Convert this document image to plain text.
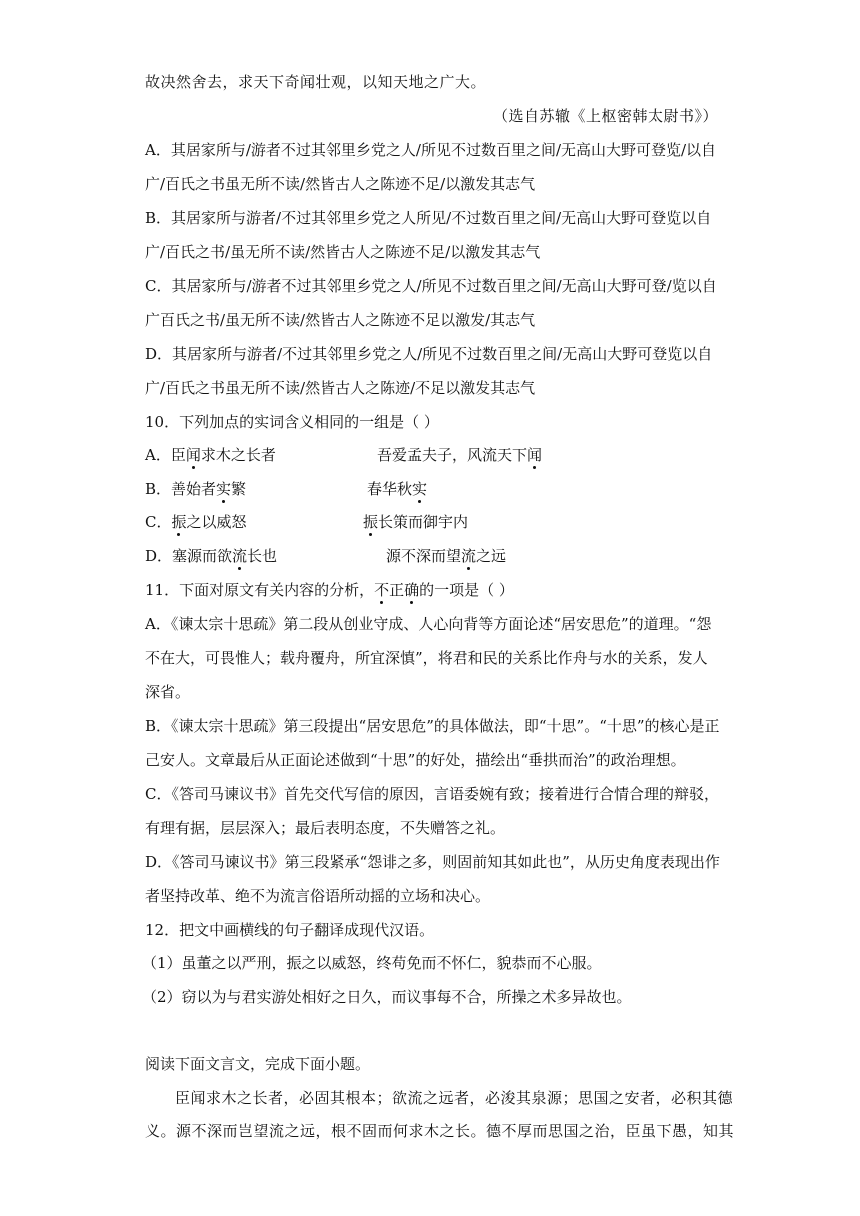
故决然舍去，求天下奇闻壮观，以知天地之广大。
（选自苏辙《上枢密韩太尉书》）
A．其居家所与/游者不过其邻里乡党之人/所见不过数百里之间/无高山大野可登览/以自
广/百氏之书虽无所不读/然皆古人之陈迹不足/以激发其志气
B．其居家所与游者/不过其邻里乡党之人所见/不过数百里之间/无高山大野可登览以自
广/百氏之书/虽无所不读/然皆古人之陈迹不足/以激发其志气
C．其居家所与/游者不过其邻里乡党之人/所见不过数百里之间/无高山大野可登/览以自
广百氏之书/虽无所不读/然皆古人之陈迹不足以激发/其志气
D．其居家所与游者/不过其邻里乡党之人/所见不过数百里之间/无高山大野可登览以自
广/百氏之书虽无所不读/然皆古人之陈迹/不足以激发其志气
10．下列加点的实词含义相同的一组是（ ）
A．臣闻求木之长者	吾爱孟夫子，风流天下闻
B．善始者实繁	春华秋实
C．振之以威怒	振长策而御宇内
D．塞源而欲流长也	源不深而望流之远
11．下面对原文有关内容的分析，不正确的一项是（ ）
A．《谏太宗十思疏》第二段从创业守成、人心向背等方面论述“居安思危”的道理。“怨
不在大，可畏惟人；载舟覆舟，所宜深慎”，将君和民的关系比作舟与水的关系，发人
深省。
B．《谏太宗十思疏》第三段提出“居安思危”的具体做法，即“十思”。“十思”的核心是正
己安人。文章最后从正面论述做到“十思”的好处，描绘出“垂拱而治”的政治理想。
C．《答司马谏议书》首先交代写信的原因，言语委婉有致；接着进行合情合理的辩驳，
有理有据，层层深入；最后表明态度，不失赠答之礼。
D．《答司马谏议书》第三段紧承“怨诽之多，则固前知其如此也”，从历史角度表现出作
者坚持改革、绝不为流言俗语所动摇的立场和决心。
12．把文中画横线的句子翻译成现代汉语。
（1）虽董之以严刑，振之以威怒，终苟免而不怀仁，貌恭而不心服。
（2）窃以为与君实游处相好之日久，而议事每不合，所操之术多异故也。
阅读下面文言文，完成下面小题。
臣闻求木之长者，必固其根本；欲流之远者，必浚其泉源；思国之安者，必积其德
义。源不深而岂望流之远，根不固而何求木之长。德不厚而思国之治，臣虽下愚，知其
